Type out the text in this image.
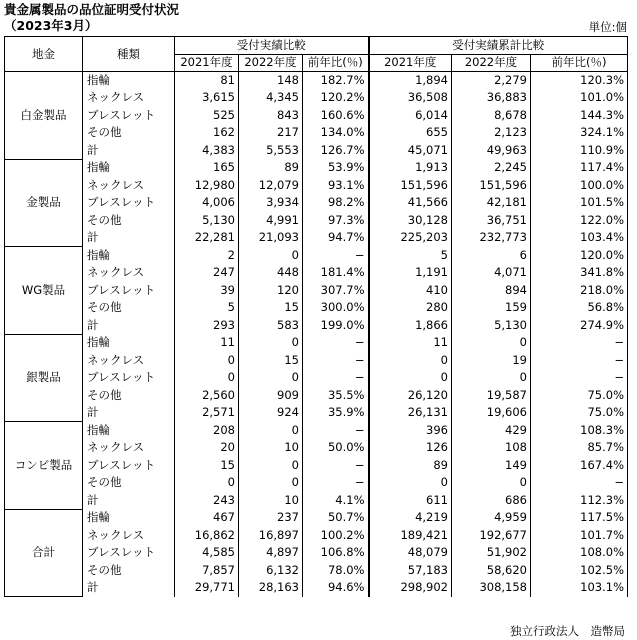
貴金属製品の品位証明受付状況
（2023年3月）	単位:個
地金	種類	受付実績比較			受付実績累計比較		
		2021年度	2022年度	前年比(％)	2021年度	2022年度	前年比(％)
白金製品	指輪	81	148	182.7%	1,894	2,279	120.3%
	ネックレス	3,615	4,345	120.2%	36,508	36,883	101.0%
	ブレスレット	525	843	160.6%	6,014	8,678	144.3%
	その他	162	217	134.0%	655	2,123	324.1%
	計	4,383	5,553	126.7%	45,071	49,963	110.9%
金製品	指輪	165	89	53.9%	1,913	2,245	117.4%
	ネックレス	12,980	12,079	93.1%	151,596	151,596	100.0%
	ブレスレット	4,006	3,934	98.2%	41,566	42,181	101.5%
	その他	5,130	4,991	97.3%	30,128	36,751	122.0%
	計	22,281	21,093	94.7%	225,203	232,773	103.4%
WG製品	指輪	2	0	−	5	6	120.0%
	ネックレス	247	448	181.4%	1,191	4,071	341.8%
	ブレスレット	39	120	307.7%	410	894	218.0%
	その他	5	15	300.0%	280	159	56.8%
	計	293	583	199.0%	1,866	5,130	274.9%
銀製品	指輪	11	0	−	11	0	−
	ネックレス	0	15	−	0	19	−
	ブレスレット	0	0	−	0	0	−
	その他	2,560	909	35.5%	26,120	19,587	75.0%
	計	2,571	924	35.9%	26,131	19,606	75.0%
コンビ製品	指輪	208	0	−	396	429	108.3%
	ネックレス	20	10	50.0%	126	108	85.7%
	ブレスレット	15	0	−	89	149	167.4%
	その他	0	0	−	0	0	−
	計	243	10	4.1%	611	686	112.3%
合計	指輪	467	237	50.7%	4,219	4,959	117.5%
	ネックレス	16,862	16,897	100.2%	189,421	192,677	101.7%
	ブレスレット	4,585	4,897	106.8%	48,079	51,902	108.0%
	その他	7,857	6,132	78.0%	57,183	58,620	102.5%
	計	29,771	28,163	94.6%	298,902	308,158	103.1%
独立行政法人　造幣局
